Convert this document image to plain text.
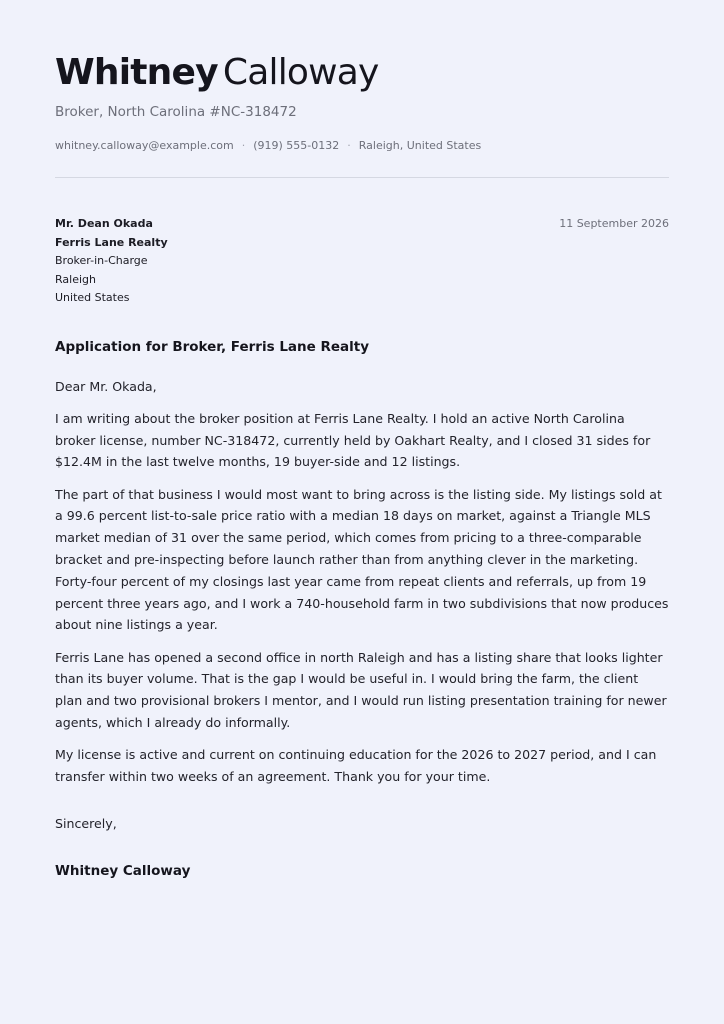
Whitney Calloway
Broker, North Carolina #NC-318472
whitney.calloway@example.com · (919) 555-0132 · Raleigh, United States
Mr. Dean Okada
Ferris Lane Realty
Broker-in-Charge
Raleigh
United States
11 September 2026
Application for Broker, Ferris Lane Realty

Dear Mr. Okada,

I am writing about the broker position at Ferris Lane Realty. I hold an active North Carolina broker license, number NC-318472, currently held by Oakhart Realty, and I closed 31 sides for $12.4M in the last twelve months, 19 buyer-side and 12 listings.

The part of that business I would most want to bring across is the listing side. My listings sold at a 99.6 percent list-to-sale price ratio with a median 18 days on market, against a Triangle MLS market median of 31 over the same period, which comes from pricing to a three-comparable bracket and pre-inspecting before launch rather than from anything clever in the marketing. Forty-four percent of my closings last year came from repeat clients and referrals, up from 19 percent three years ago, and I work a 740-household farm in two subdivisions that now produces about nine listings a year.

Ferris Lane has opened a second office in north Raleigh and has a listing share that looks lighter than its buyer volume. That is the gap I would be useful in. I would bring the farm, the client plan and two provisional brokers I mentor, and I would run listing presentation training for newer agents, which I already do informally.

My license is active and current on continuing education for the 2026 to 2027 period, and I can transfer within two weeks of an agreement. Thank you for your time.

Sincerely,
Whitney Calloway
